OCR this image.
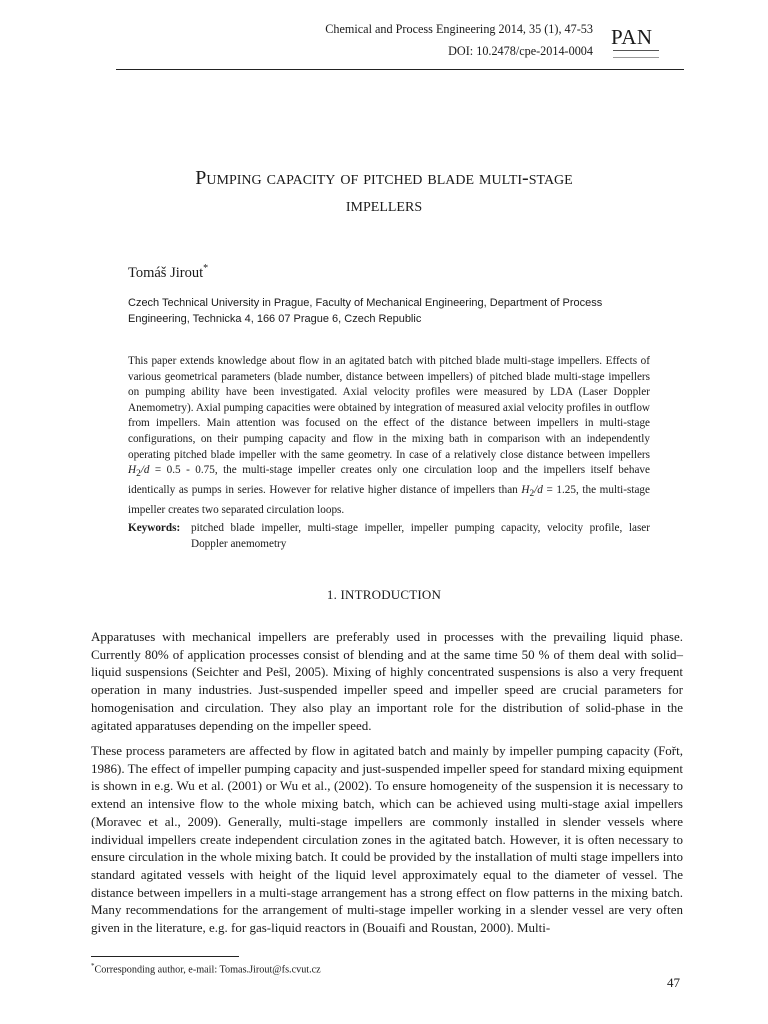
Chemical and Process Engineering 2014, 35 (1), 47-53
DOI: 10.2478/cpe-2014-0004
PAN
Pumping capacity of pitched blade multi-stage
impellers
Tomáš Jirout*
Czech Technical University in Prague, Faculty of Mechanical Engineering, Department of Process Engineering, Technicka 4, 166 07 Prague 6, Czech Republic
This paper extends knowledge about flow in an agitated batch with pitched blade multi-stage impellers. Effects of various geometrical parameters (blade number, distance between impellers) of pitched blade multi-stage impellers on pumping ability have been investigated. Axial velocity profiles were measured by LDA (Laser Doppler Anemometry). Axial pumping capacities were obtained by integration of measured axial velocity profiles in outflow from impellers. Main attention was focused on the effect of the distance between impellers in multi-stage configurations, on their pumping capacity and flow in the mixing bath in comparison with an independently operating pitched blade impeller with the same geometry. In case of a relatively close distance between impellers $H_2/d = 0.5 - 0.75$, the multi-stage impeller creates only one circulation loop and the impellers itself behave identically as pumps in series. However for relative higher distance of impellers than $H_2/d = 1.25$, the multi-stage impeller creates two separated circulation loops.
Keywords: pitched blade impeller, multi-stage impeller, impeller pumping capacity, velocity profile, laser Doppler anemometry
1. INTRODUCTION
Apparatuses with mechanical impellers are preferably used in processes with the prevailing liquid phase. Currently 80% of application processes consist of blending and at the same time 50 % of them deal with solid–liquid suspensions (Seichter and Pešl, 2005). Mixing of highly concentrated suspensions is also a very frequent operation in many industries. Just-suspended impeller speed and impeller speed are crucial parameters for homogenisation and circulation. They also play an important role for the distribution of solid-phase in the agitated apparatuses depending on the impeller speed.
These process parameters are affected by flow in agitated batch and mainly by impeller pumping capacity (Fořt, 1986). The effect of impeller pumping capacity and just-suspended impeller speed for standard mixing equipment is shown in e.g. Wu et al. (2001) or Wu et al., (2002). To ensure homogeneity of the suspension it is necessary to extend an intensive flow to the whole mixing batch, which can be achieved using multi-stage axial impellers (Moravec et al., 2009). Generally, multi-stage impellers are commonly installed in slender vessels where individual impellers create independent circulation zones in the agitated batch. However, it is often necessary to ensure circulation in the whole mixing batch. It could be provided by the installation of multi stage impellers into standard agitated vessels with height of the liquid level approximately equal to the diameter of vessel. The distance between impellers in a multi-stage arrangement has a strong effect on flow patterns in the mixing batch. Many recommendations for the arrangement of multi-stage impeller working in a slender vessel are very often given in the literature, e.g. for gas-liquid reactors in (Bouaifi and Roustan, 2000). Multi-
*Corresponding author, e-mail: Tomas.Jirout@fs.cvut.cz
47
